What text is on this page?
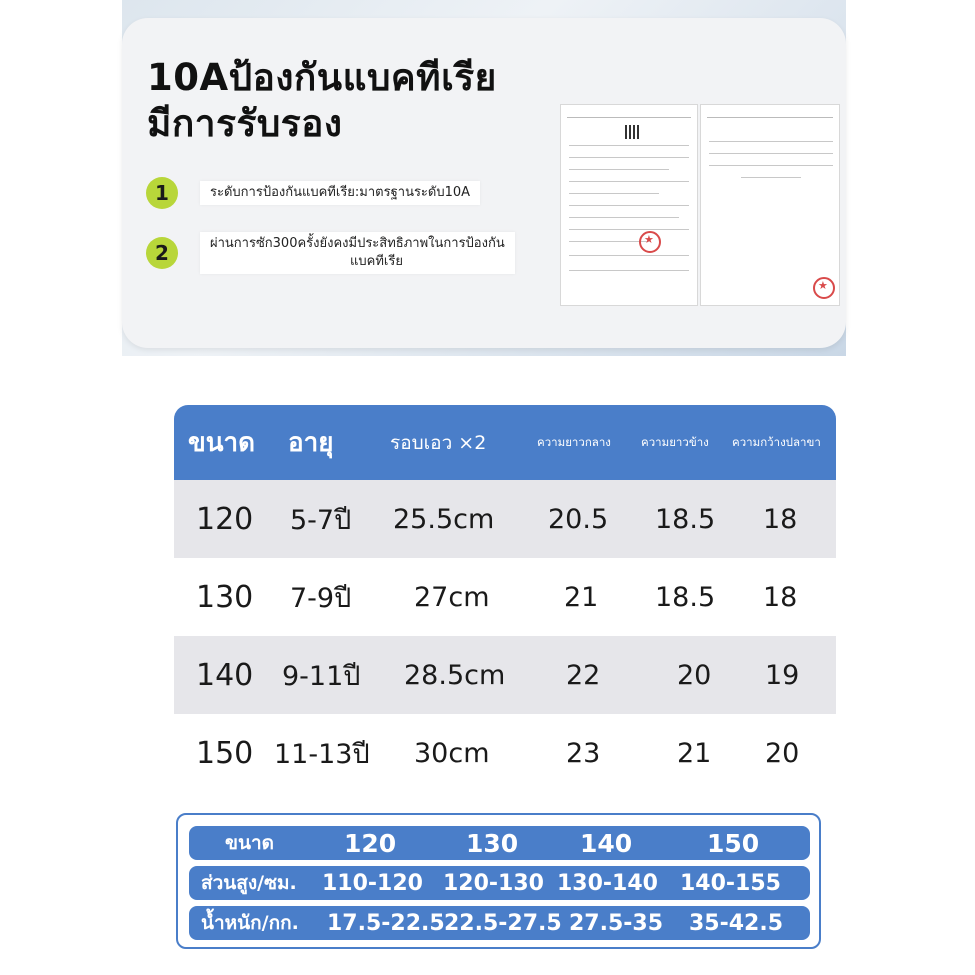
10Aป้องกันแบคทีเรีย
มีการรับรอง
1	ระดับการป้องกันแบคทีเรีย:มาตรฐานระดับ10A
2	ผ่านการซัก300ครั้งยังคงมีประสิทธิภาพในการป้องกัน
แบคทีเรีย
★
★
ขนาด อายุ	รอบเอว ×2	ความยาวกลาง	ความยาวข้าง ความกว้างปลาขา
120 5-7ปี 25.5cm 20.5 18.5 18
130 7-9ปี 27cm	21 18.5 18
140 9-11ปี 28.5cm 22	20 19
150 11-13ปี 30cm	23	21 20
ขนาด	120	130 140	150
ส่วนสูง/ซม. 110-120 120-130 130-140 140-155
น้ำหนัก/กก. 17.5-22.5 22.5-27.5 27.5-35 35-42.5
